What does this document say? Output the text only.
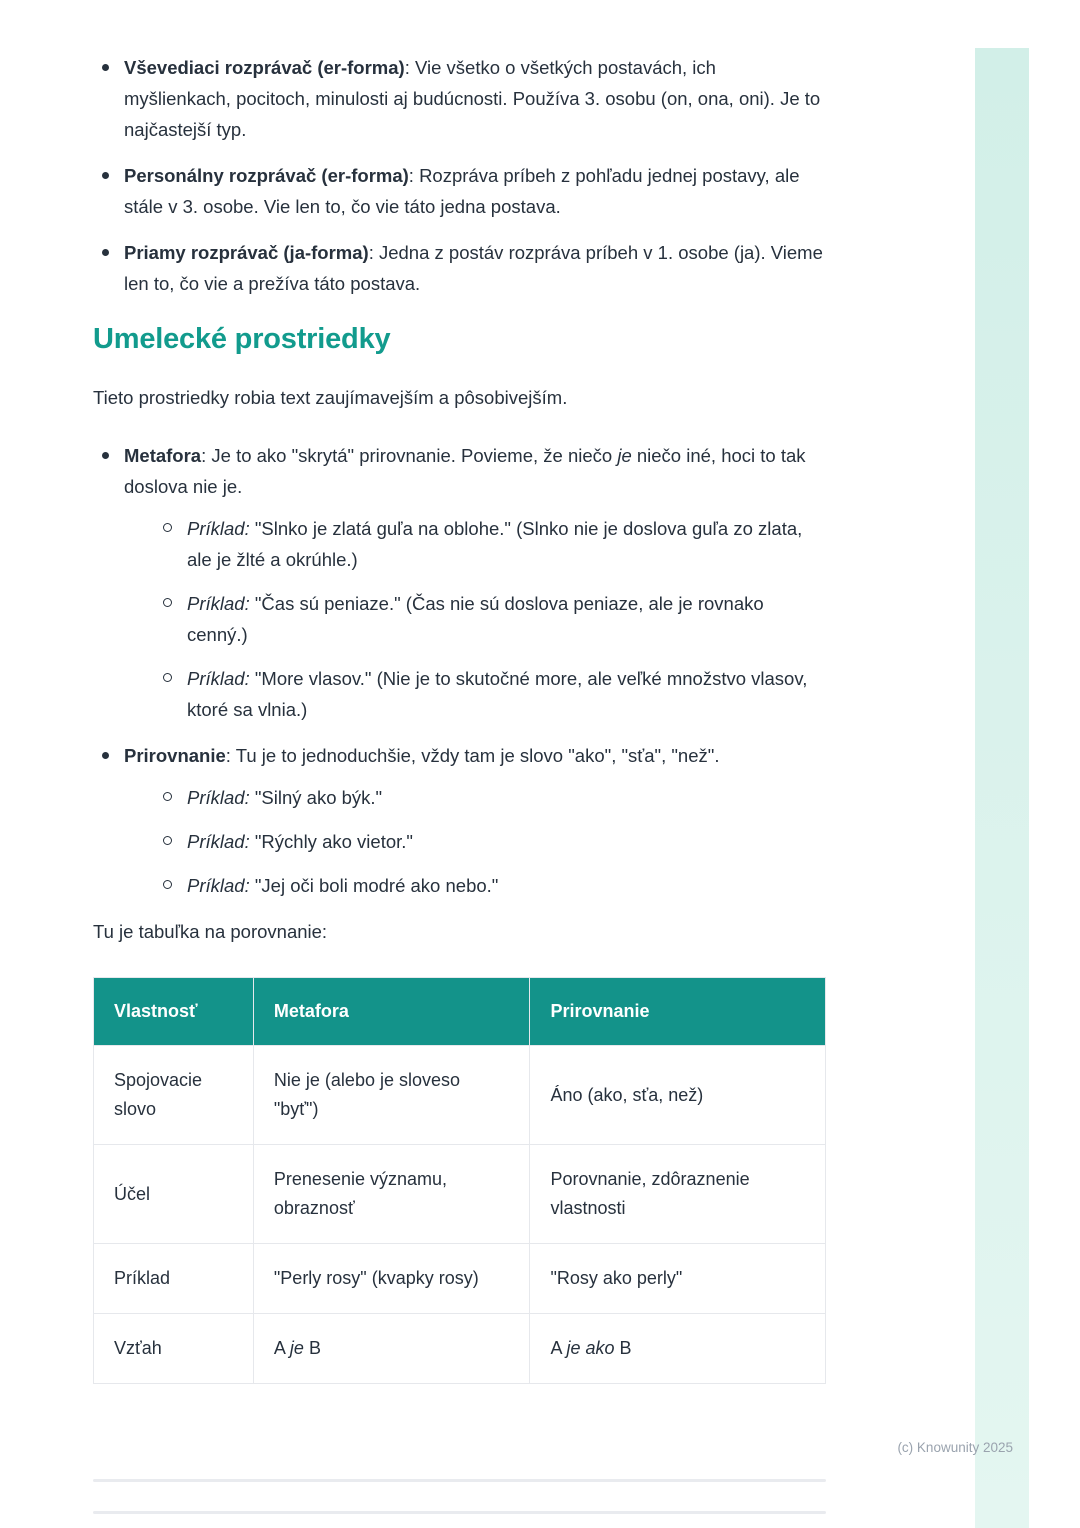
Vševediaci rozprávač (er-forma): Vie všetko o všetkých postavách, ich myšlienkach, pocitoch, minulosti aj budúcnosti. Používa 3. osobu (on, ona, oni). Je to najčastejší typ.
Personálny rozprávač (er-forma): Rozpráva príbeh z pohľadu jednej postavy, ale stále v 3. osobe. Vie len to, čo vie táto jedna postava.
Priamy rozprávač (ja-forma): Jedna z postáv rozpráva príbeh v 1. osobe (ja). Vieme len to, čo vie a prežíva táto postava.
Umelecké prostriedky

Tieto prostriedky robia text zaujímavejším a pôsobivejším.

Metafora: Je to ako "skrytá" prirovnanie. Povieme, že niečo je niečo iné, hoci to tak doslova nie je.
Príklad: "Slnko je zlatá guľa na oblohe." (Slnko nie je doslova guľa zo zlata, ale je žlté a okrúhle.)
Príklad: "Čas sú peniaze." (Čas nie sú doslova peniaze, ale je rovnako cenný.)
Príklad: "More vlasov." (Nie je to skutočné more, ale veľké množstvo vlasov, ktoré sa vlnia.)
Prirovnanie: Tu je to jednoduchšie, vždy tam je slovo "ako", "sťa", "než".
Príklad: "Silný ako býk."
Príklad: "Rýchly ako vietor."
Príklad: "Jej oči boli modré ako nebo."

Tu je tabuľka na porovnanie:

Vlastnosť	Metafora	Prirovnanie
Spojovacie slovo	Nie je (alebo je sloveso "byť")	Áno (ako, sťa, než)
Účel	Prenesenie významu, obraznosť	Porovnanie, zdôraznenie vlastnosti
Príklad	"Perly rosy" (kvapky rosy)	"Rosy ako perly"
Vzťah	A je B	A je ako B
(c) Knowunity 2025
